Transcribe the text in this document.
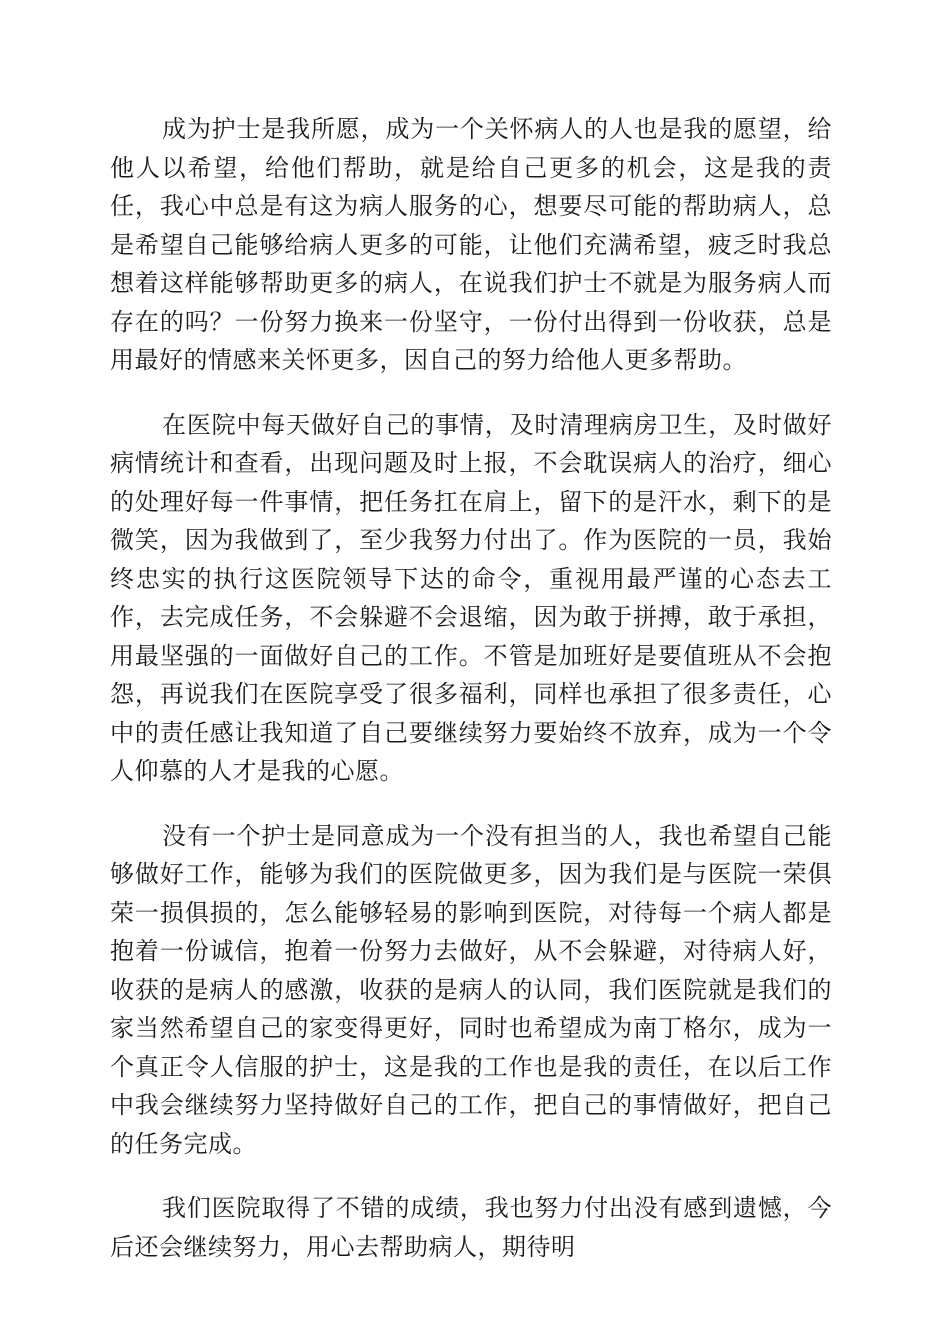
成为护士是我所愿，成为一个关怀病人的人也是我的愿望，给他人以希望，给他们帮助，就是给自己更多的机会，这是我的责任，我心中总是有这为病人服务的心，想要尽可能的帮助病人，总是希望自己能够给病人更多的可能，让他们充满希望，疲乏时我总想着这样能够帮助更多的病人，在说我们护士不就是为服务病人而存在的吗？一份努力换来一份坚守，一份付出得到一份收获，总是用最好的情感来关怀更多，因自己的努力给他人更多帮助。

在医院中每天做好自己的事情，及时清理病房卫生，及时做好病情统计和查看，出现问题及时上报，不会耽误病人的治疗，细心的处理好每一件事情，把任务扛在肩上，留下的是汗水，剩下的是微笑，因为我做到了，至少我努力付出了。作为医院的一员，我始终忠实的执行这医院领导下达的命令，重视用最严谨的心态去工作，去完成任务，不会躲避不会退缩，因为敢于拼搏，敢于承担，用最坚强的一面做好自己的工作。不管是加班好是要值班从不会抱怨，再说我们在医院享受了很多福利，同样也承担了很多责任，心中的责任感让我知道了自己要继续努力要始终不放弃，成为一个令人仰慕的人才是我的心愿。

没有一个护士是同意成为一个没有担当的人，我也希望自己能够做好工作，能够为我们的医院做更多，因为我们是与医院一荣俱荣一损俱损的，怎么能够轻易的影响到医院，对待每一个病人都是抱着一份诚信，抱着一份努力去做好，从不会躲避，对待病人好，收获的是病人的感激，收获的是病人的认同，我们医院就是我们的家当然希望自己的家变得更好，同时也希望成为南丁格尔，成为一个真正令人信服的护士，这是我的工作也是我的责任，在以后工作中我会继续努力坚持做好自己的工作，把自己的事情做好，把自己的任务完成。

我们医院取得了不错的成绩，我也努力付出没有感到遗憾，今后还会继续努力，用心去帮助病人，期待明
